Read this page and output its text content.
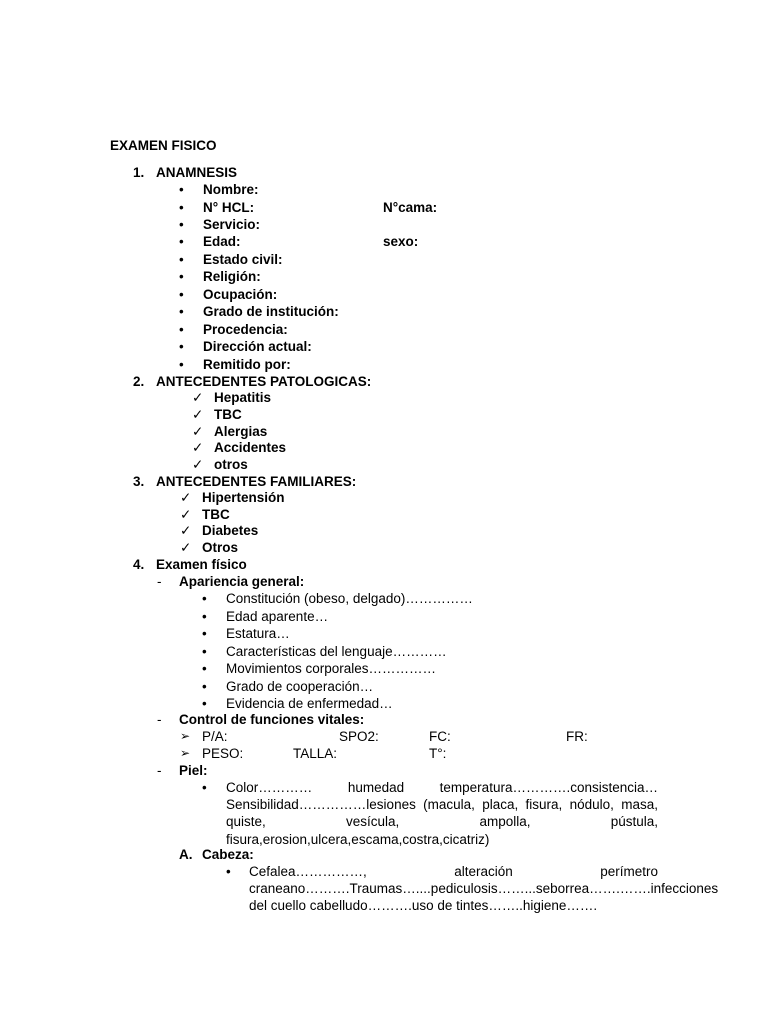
EXAMEN FISICO
1. ANAMNESIS
• Nombre:
• N° HCL:	N°cama:
• Servicio:
• Edad:	sexo:
• Estado civil:
• Religión:
• Ocupación:
• Grado de institución:
• Procedencia:
• Dirección actual:
• Remitido por:
2. ANTECEDENTES PATOLOGICAS:
✓ Hepatitis
✓ TBC
✓ Alergias
✓ Accidentes
✓ otros
3. ANTECEDENTES FAMILIARES:
✓ Hipertensión
✓ TBC
✓ Diabetes
✓ Otros
4. Examen físico
- Apariencia general:
• Constitución (obeso, delgado)……………
• Edad aparente…
• Estatura…
• Características del lenguaje…………
• Movimientos corporales……………
• Grado de cooperación…
• Evidencia de enfermedad…
- Control de funciones vitales:
➢ P/A:	SPO2:	FC:	FR:
➢ PESO:	TALLA:	T°:
- Piel:
• Color………… humedad temperatura………….consistencia… Sensibilidad……………lesiones (macula, placa, fisura, nódulo, masa, quiste, vesícula, ampolla, pústula, fisura,erosion,ulcera,escama,costra,cicatriz)
A. Cabeza:
• Cefalea……………, alteración perímetro craneano……….Traumas…....pediculosis……...seborrea…….…….infecciones del cuello cabelludo……….uso de tintes……..higiene…….
